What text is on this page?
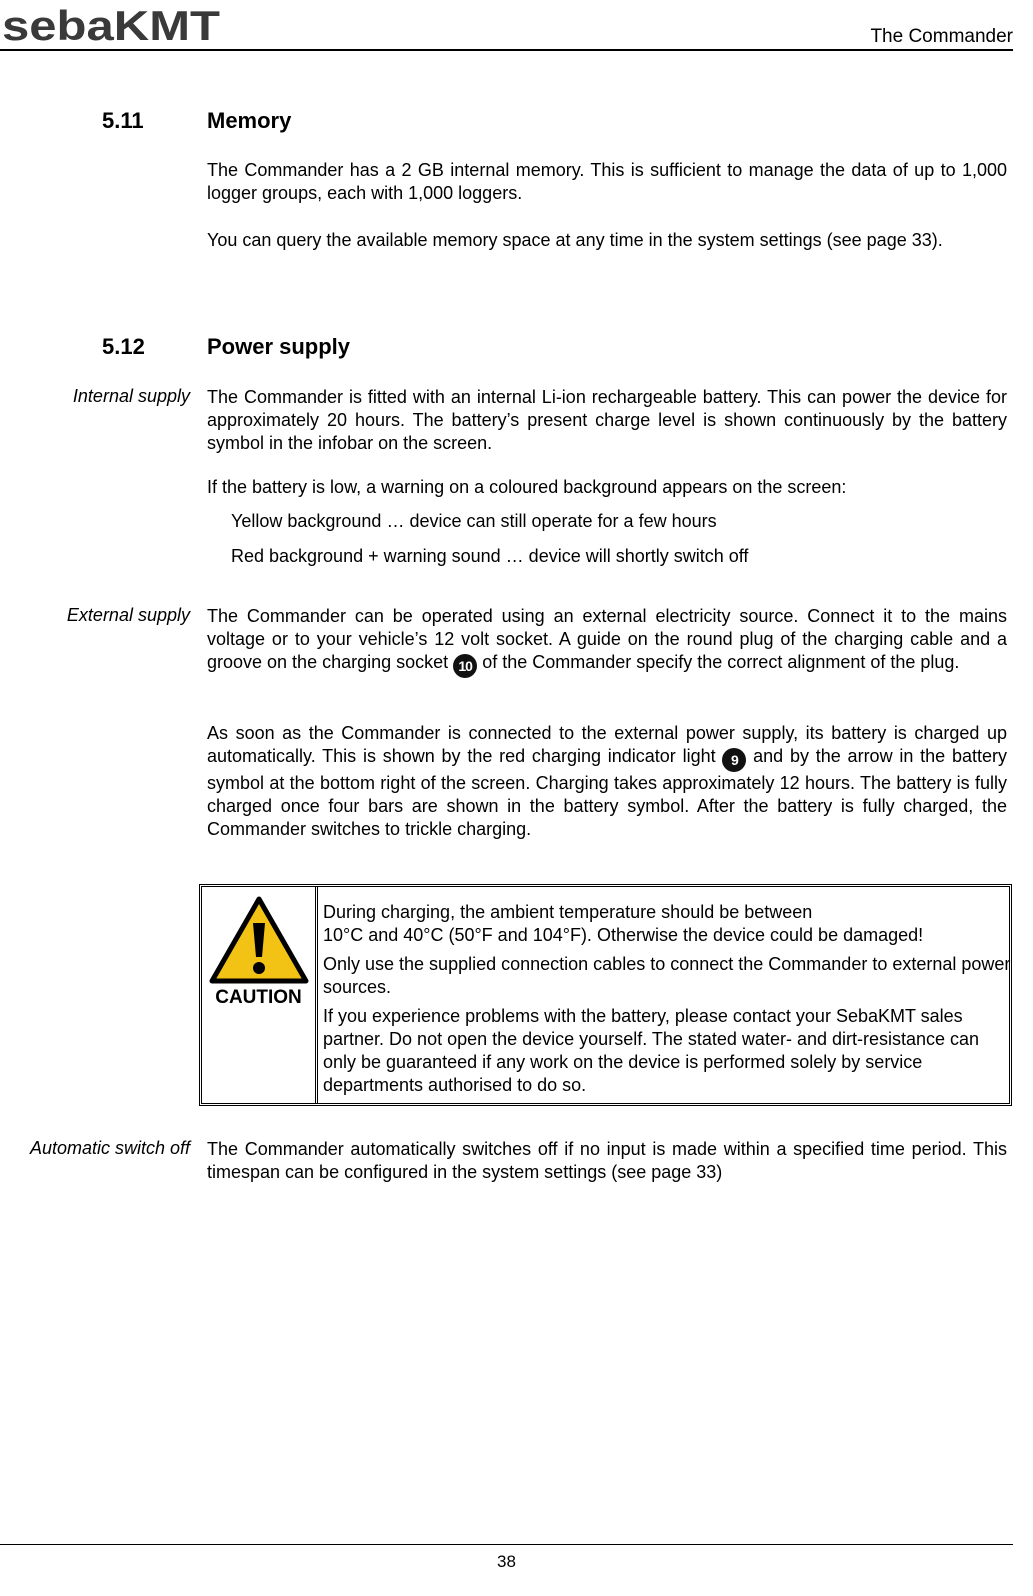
sebaKMT	The Commander
5.11	Memory
The Commander has a 2 GB internal memory. This is sufficient to manage the data of up to 1,000 logger groups, each with 1,000 loggers.
You can query the available memory space at any time in the system settings (see page 33).
5.12	Power supply
Internal supply The Commander is fitted with an internal Li-ion rechargeable battery. This can power the device for approximately 20 hours. The battery’s present charge level is shown continuously by the battery symbol in the infobar on the screen.
If the battery is low, a warning on a coloured background appears on the screen:
Yellow background … device can still operate for a few hours
Red background + warning sound … device will shortly switch off
External supply The Commander can be operated using an external electricity source. Connect it to the mains voltage or to your vehicle’s 12 volt socket. A guide on the round plug of the charging cable and a groove on the charging socket 10 of the Commander specify the correct alignment of the plug.
As soon as the Commander is connected to the external power supply, its battery is charged up automatically. This is shown by the red charging indicator light 9 and by the arrow in the battery symbol at the bottom right of the screen. Charging takes approximately 12 hours. The battery is fully charged once four bars are shown in the battery symbol. After the battery is fully charged, the Commander switches to trickle charging.
CAUTION

During charging, the ambient temperature should be between
10°C and 40°C (50°F and 104°F). Otherwise the device could be damaged!

Only use the supplied connection cables to connect the Commander to external power sources.

If you experience problems with the battery, please contact your SebaKMT sales partner. Do not open the device yourself. The stated water- and dirt-resistance can only be guaranteed if any work on the device is performed solely by service departments authorised to do so.

Automatic switch off The Commander automatically switches off if no input is made within a specified time period. This timespan can be configured in the system settings (see page 33)
38
